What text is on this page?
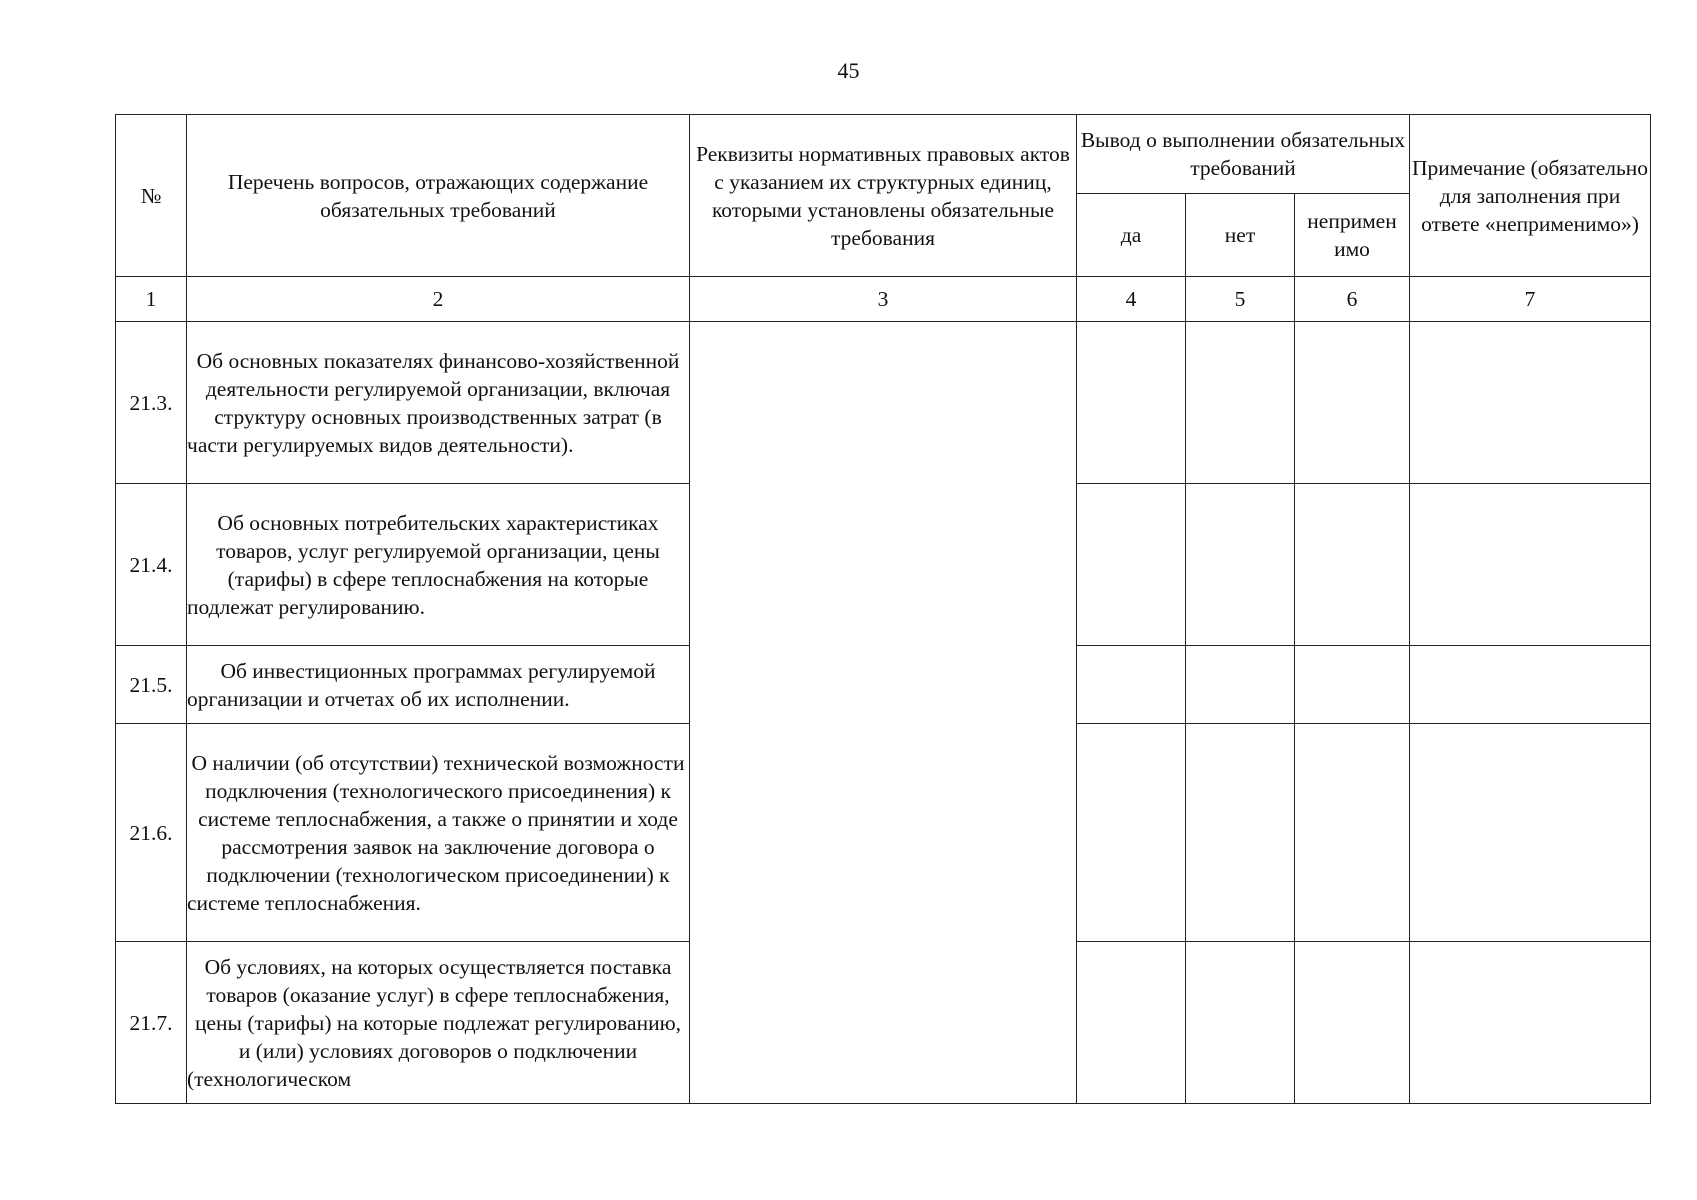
45
№	Перечень вопросов, отражающих содержание обязательных требований	Реквизиты нормативных правовых актов с указанием их структурных единиц, которыми установлены обязательные требования	Вывод о выполнении обязательных требований			Примечание (обязательно для заполнения при ответе «неприменимо»)
			да	нет	непримен имо	
1	2	3	4	5	6	7
21.3.	Об основных показателях финансово-хозяйственной деятельности регулируемой организации, включая структуру основных производственных затрат (в части регулируемых видов деятельности).					
21.4.	Об основных потребительских характеристиках товаров, услуг регулируемой организации, цены (тарифы) в сфере теплоснабжения на которые подлежат регулированию.					
21.5.	Об инвестиционных программах регулируемой организации и отчетах об их исполнении.					
21.6.	О наличии (об отсутствии) технической возможности подключения (технологического присоединения) к системе теплоснабжения, а также о принятии и ходе рассмотрения заявок на заключение договора о подключении (технологическом присоединении) к системе теплоснабжения.					
21.7.	Об условиях, на которых осуществляется поставка товаров (оказание услуг) в сфере теплоснабжения, цены (тарифы) на которые подлежат регулированию, и (или) условиях договоров о подключении (технологическом					
